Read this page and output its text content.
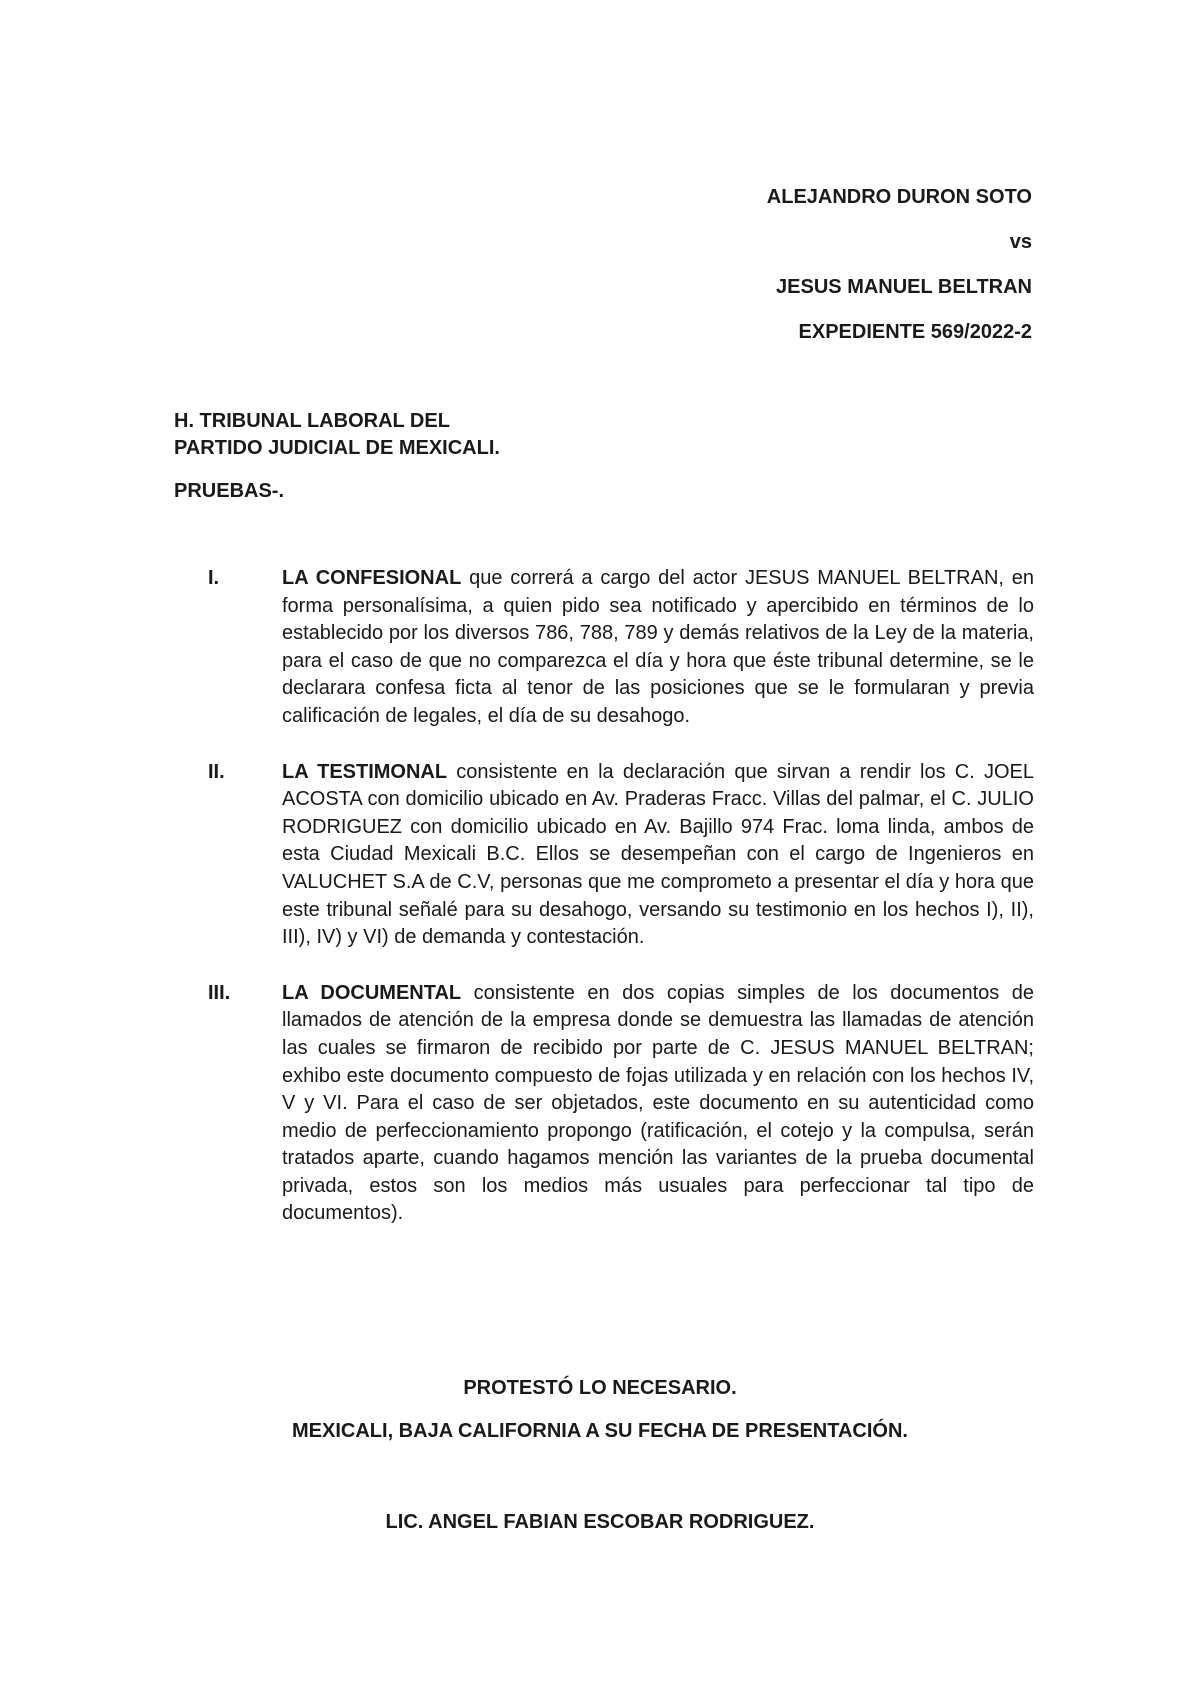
ALEJANDRO DURON SOTO
vs
JESUS MANUEL BELTRAN
EXPEDIENTE 569/2022-2
H. TRIBUNAL LABORAL DEL
PARTIDO JUDICIAL DE MEXICALI.
PRUEBAS-.
I.	LA CONFESIONAL que correrá a cargo del actor JESUS MANUEL BELTRAN, en forma personalísima, a quien pido sea notificado y apercibido en términos de lo establecido por los diversos 786, 788, 789 y demás relativos de la Ley de la materia, para el caso de que no comparezca el día y hora que éste tribunal determine, se le declarara confesa ficta al tenor de las posiciones que se le formularan y previa calificación de legales, el día de su desahogo.
II.	LA TESTIMONAL consistente en la declaración que sirvan a rendir los C. JOEL ACOSTA con domicilio ubicado en Av. Praderas Fracc. Villas del palmar, el C. JULIO RODRIGUEZ con domicilio ubicado en Av. Bajillo 974 Frac. loma linda, ambos de esta Ciudad Mexicali B.C. Ellos se desempeñan con el cargo de Ingenieros en VALUCHET S.A de C.V, personas que me comprometo a presentar el día y hora que este tribunal señalé para su desahogo, versando su testimonio en los hechos I), II), III), IV) y VI) de demanda y contestación.
III.	LA DOCUMENTAL consistente en dos copias simples de los documentos de llamados de atención de la empresa donde se demuestra las llamadas de atención las cuales se firmaron de recibido por parte de C. JESUS MANUEL BELTRAN; exhibo este documento compuesto de fojas utilizada y en relación con los hechos IV, V y VI. Para el caso de ser objetados, este documento en su autenticidad como medio de perfeccionamiento propongo (ratificación, el cotejo y la compulsa, serán tratados aparte, cuando hagamos mención las variantes de la prueba documental privada, estos son los medios más usuales para perfeccionar tal tipo de documentos).
PROTESTÓ LO NECESARIO.
MEXICALI, BAJA CALIFORNIA A SU FECHA DE PRESENTACIÓN.
LIC. ANGEL FABIAN ESCOBAR RODRIGUEZ.
